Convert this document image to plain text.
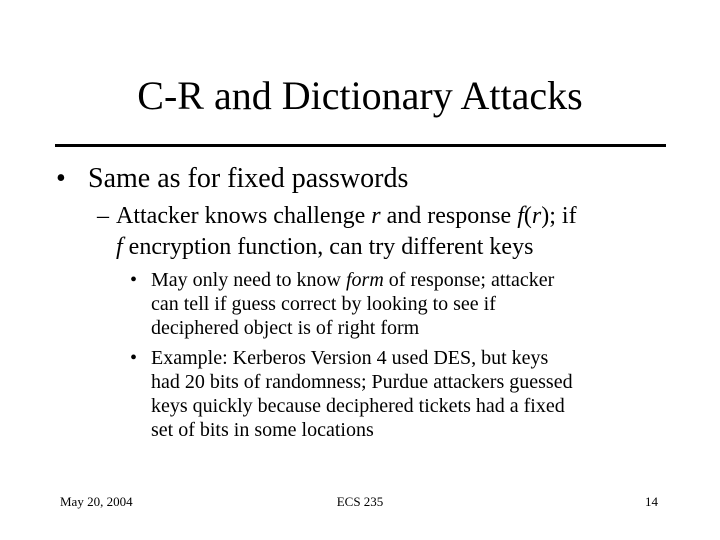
C-R and Dictionary Attacks
• Same as for fixed passwords
– Attacker knows challenge r and response f(r); if
f encryption function, can try different keys
• May only need to know form of response; attacker
can tell if guess correct by looking to see if
deciphered object is of right form
• Example: Kerberos Version 4 used DES, but keys
had 20 bits of randomness; Purdue attackers guessed
keys quickly because deciphered tickets had a fixed
set of bits in some locations
May 20, 2004	ECS 235	14
